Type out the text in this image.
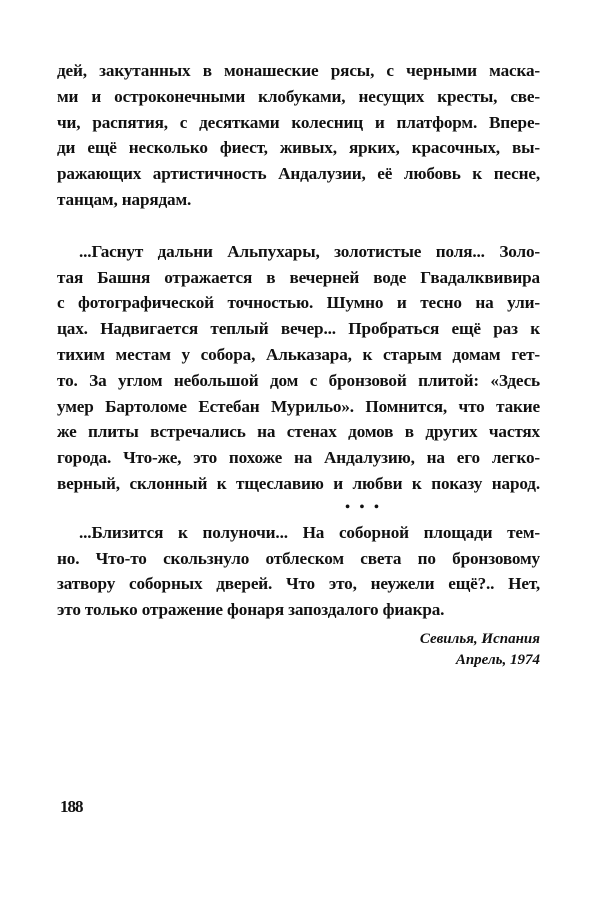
дей, закутанных в монашеские рясы, с черными маска-
ми и остроконечными клобуками, несущих кресты, све-
чи, распятия, с десятками колесниц и платформ. Впере-
ди ещё несколько фиест, живых, ярких, красочных, вы-
ражающих артистичность Андалузии, её любовь к песне,
танцам, нарядам.

...Гаснут дальни Альпухары, золотистые поля... Золо-
тая Башня отражается в вечерней воде Гвадалквивира
с фотографической точностью. Шумно и тесно на ули-
цах. Надвигается теплый вечер... Пробраться ещё раз к
тихим местам у собора, Альказара, к старым домам гет-
то. За углом небольшой дом с бронзовой плитой: «Здесь
умер Бартоломе Естебан Мурильо». Помнится, что такие
же плиты встречались на стенах домов в других частях
города. Что-же, это похоже на Андалузию, на его легко-
верный, склонный к тщеславию и любви к показу народ.

• • •

...Близится к полуночи... На соборной площади тем-
но. Что-то скользнуло отблеском света по бронзовому
затвору соборных дверей. Что это, неужели ещё?.. Нет,
это только отражение фонаря запоздалого фиакра.

Севилья, Испания
Апрель, 1974
188
